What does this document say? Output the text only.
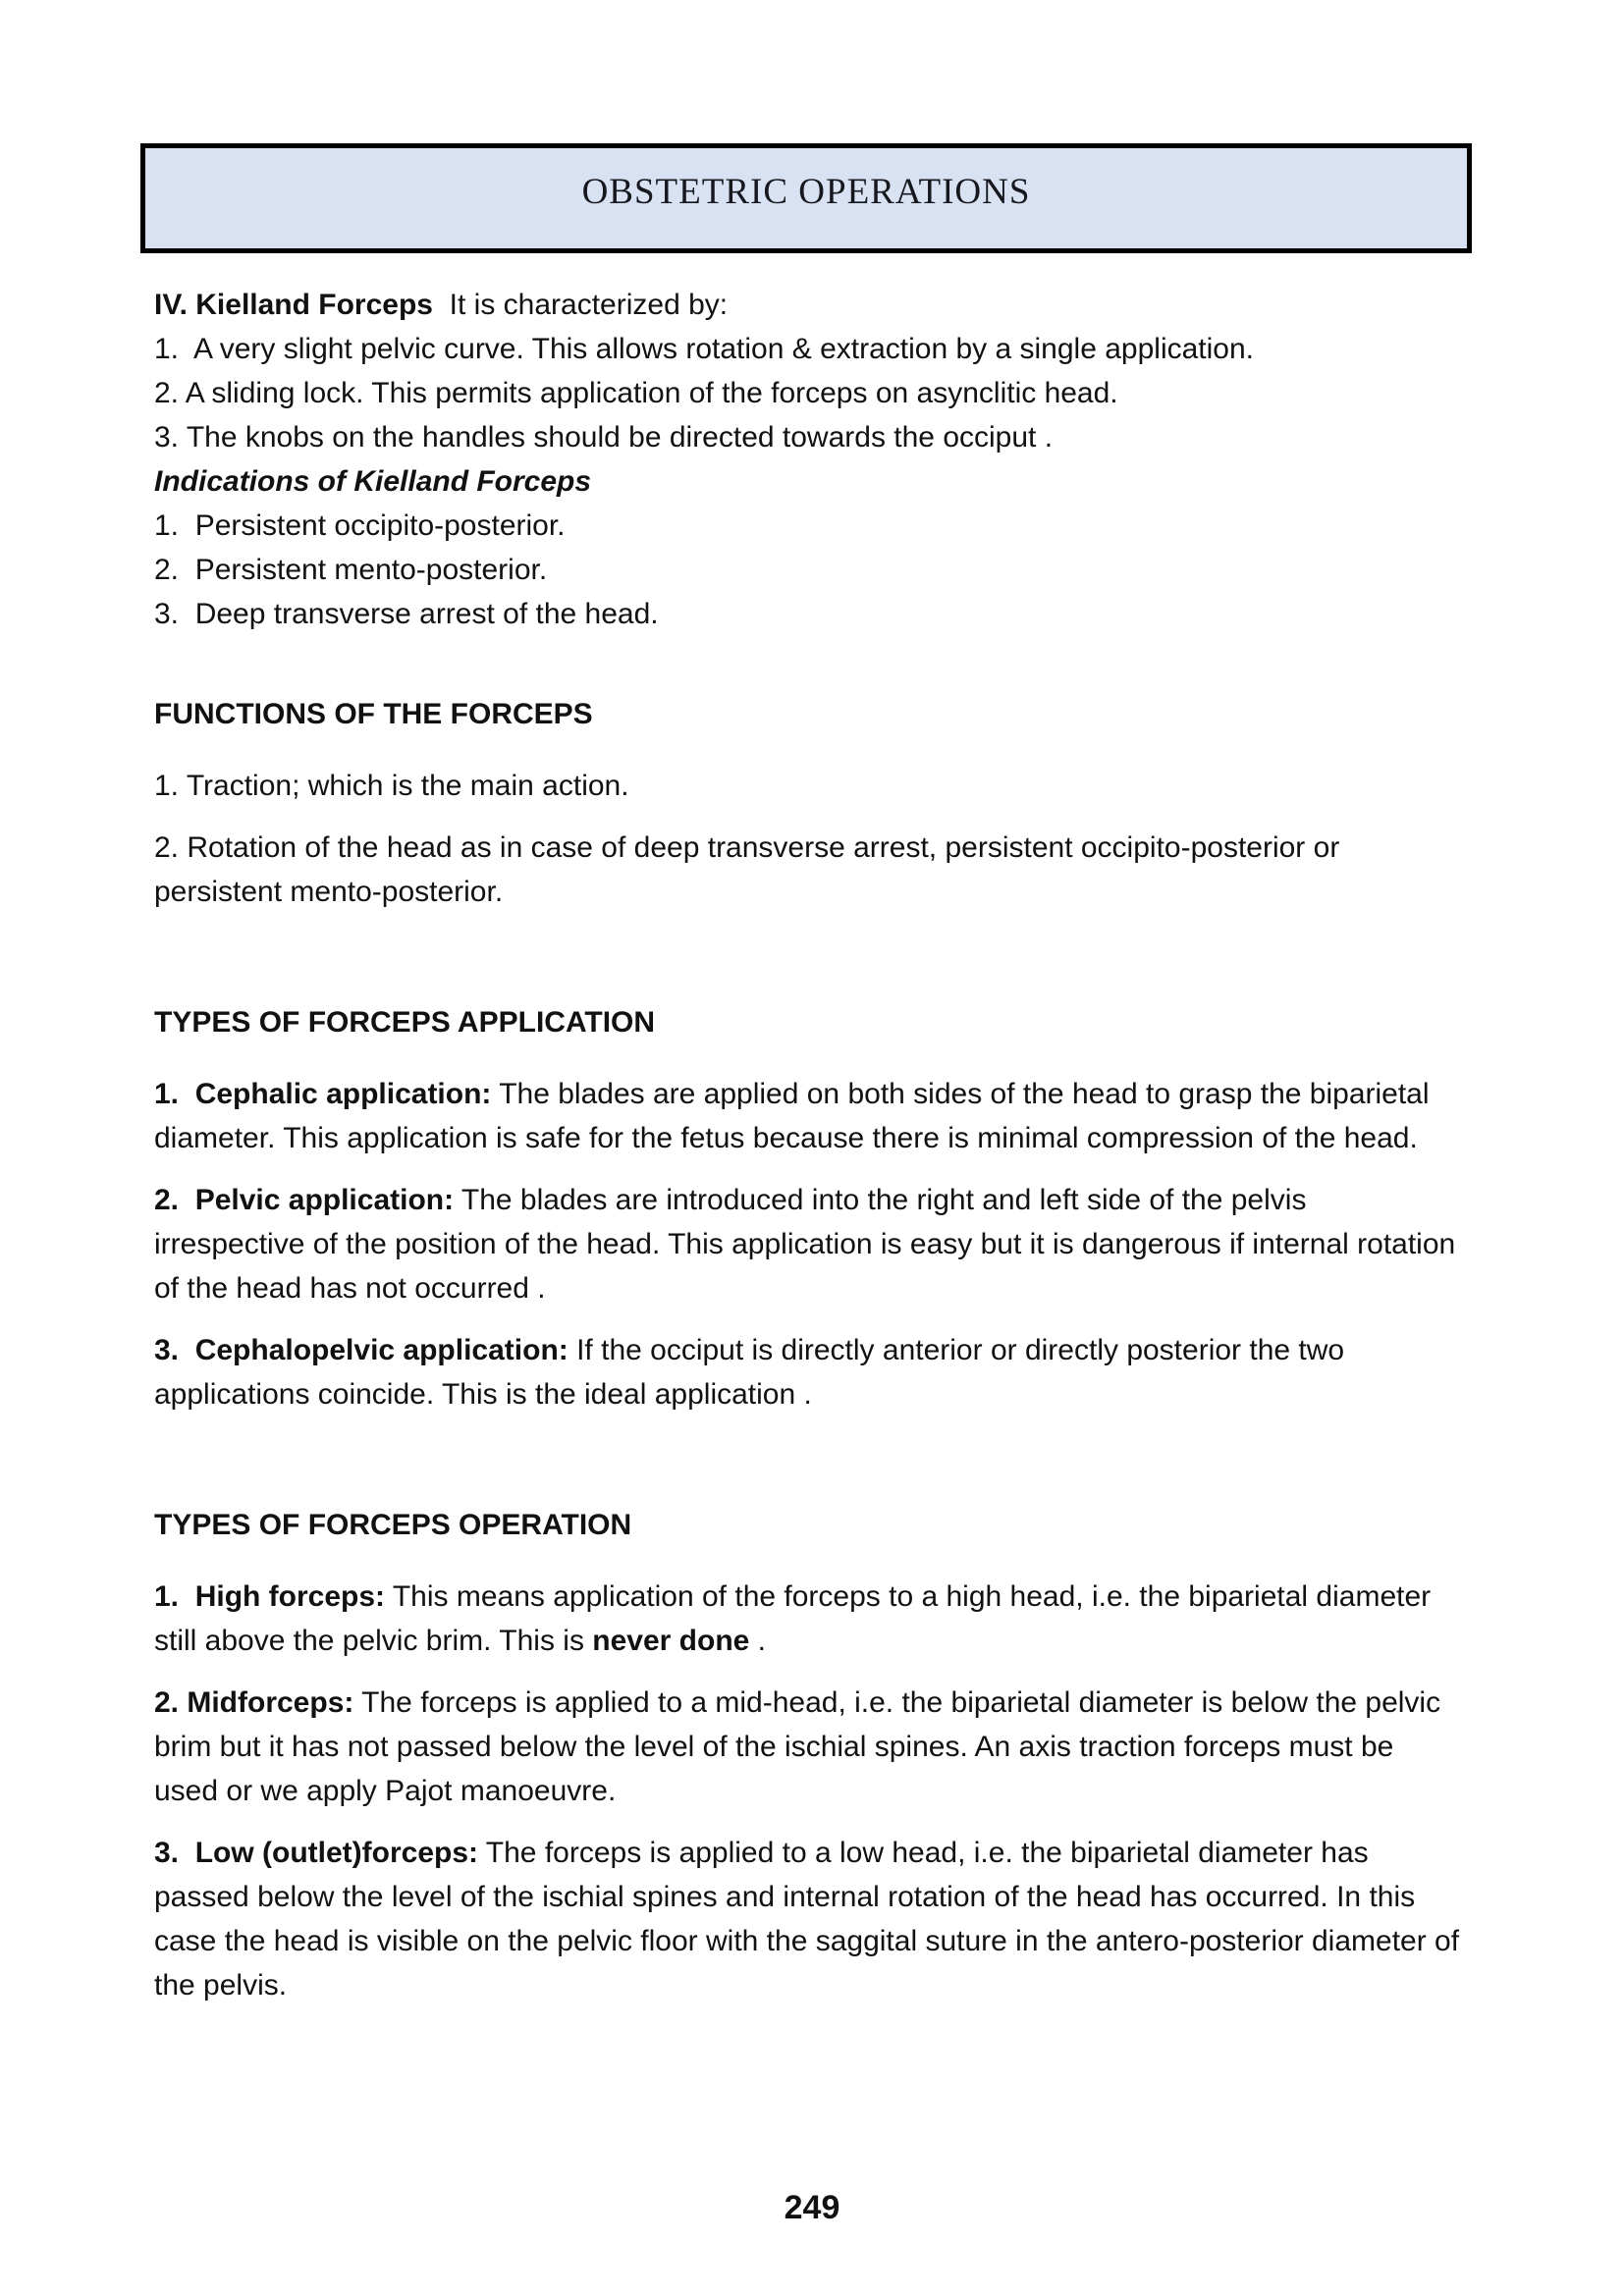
OBSTETRIC OPERATIONS

IV. Kielland Forceps  It is characterized by:

1.  A very slight pelvic curve. This allows rotation & extraction by a single application.

2. A sliding lock. This permits application of the forceps on asynclitic head.

3. The knobs on the handles should be directed towards the occiput .

Indications of Kielland Forceps

1.  Persistent occipito-posterior.

2.  Persistent mento-posterior.

3.  Deep transverse arrest of the head.

FUNCTIONS OF THE FORCEPS

1. Traction; which is the main action.

2. Rotation of the head as in case of deep transverse arrest, persistent occipito-posterior or persistent mento-posterior.

TYPES OF FORCEPS APPLICATION

1.  Cephalic application: The blades are applied on both sides of the head to grasp the biparietal diameter. This application is safe for the fetus because there is minimal compression of the head.

2.  Pelvic application: The blades are introduced into the right and left side of the pelvis irrespective of the position of the head. This application is easy but it is dangerous if internal rotation of the head has not occurred .

3.  Cephalopelvic application: If the occiput is directly anterior or directly posterior the two applications coincide. This is the ideal application .

TYPES OF FORCEPS OPERATION

1.  High forceps: This means application of the forceps to a high head, i.e. the biparietal diameter still above the pelvic brim. This is never done .

2. Midforceps: The forceps is applied to a mid-head, i.e. the biparietal diameter is below the pelvic brim but it has not passed below the level of the ischial spines. An axis traction forceps must be used or we apply Pajot manoeuvre.

3.  Low (outlet)forceps: The forceps is applied to a low head, i.e. the biparietal diameter has passed below the level of the ischial spines and internal rotation of the head has occurred. In this case the head is visible on the pelvic floor with the saggital suture in the antero-posterior diameter of the pelvis.

249
